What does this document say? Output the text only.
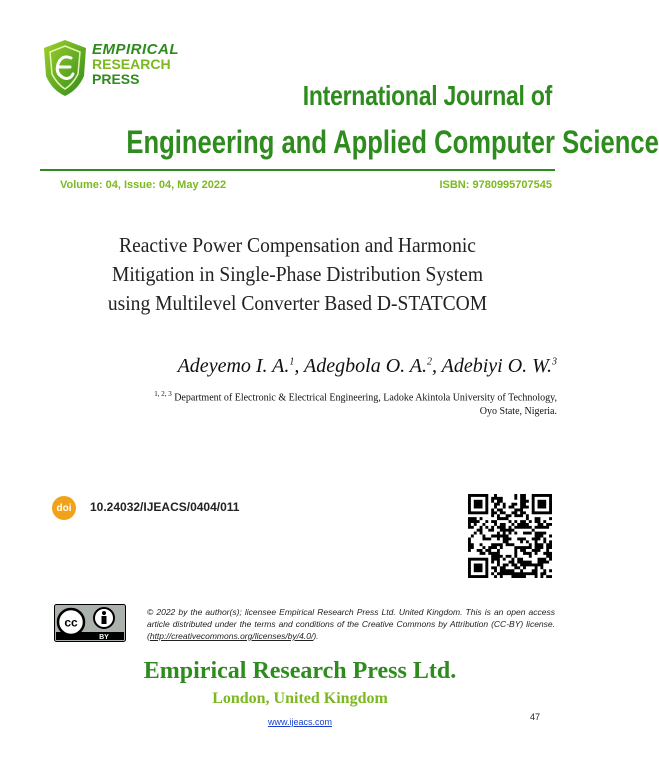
EMPIRICAL
RESEARCH
PRESS
International Journal of
Engineering and Applied Computer Science
Volume: 04, Issue: 04, May 2022	ISBN: 9780995707545
Reactive Power Compensation and Harmonic
Mitigation in Single-Phase Distribution System
using Multilevel Converter Based D-STATCOM
Adeyemo I. A.$^1$, Adegbola O. A.$^2$, Adebiyi O. W.$^3$
$^{1, 2, 3}$ Department of Electronic & Electrical Engineering, Ladoke Akintola University of Technology,
Oyo State, Nigeria.
doi	10.24032/IJEACS/0404/011
cc
BY
© 2022 by the author(s); licensee Empirical Research Press Ltd. United Kingdom. This is an open access article distributed under the terms and conditions of the Creative Commons by Attribution (CC-BY) license. (http://creativecommons.org/licenses/by/4.0/).
Empirical Research Press Ltd.
London, United Kingdom
www.ijeacs.com	47
